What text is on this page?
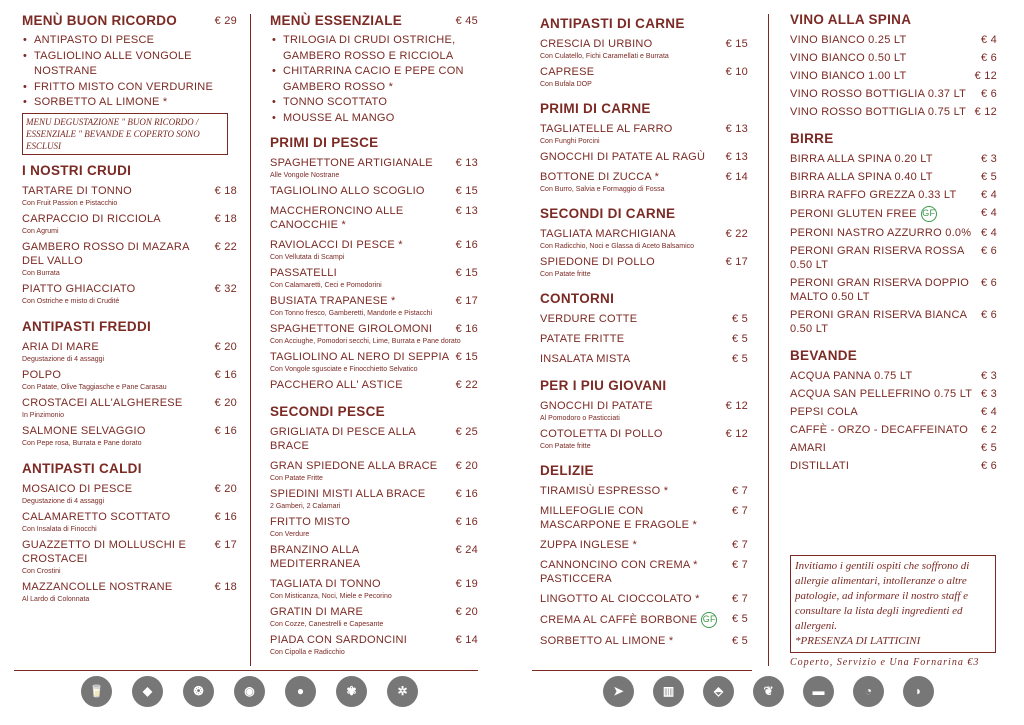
MENÙ BUON RICORDO	€ 29
• ANTIPASTO DI PESCE
• TAGLIOLINO ALLE VONGOLE NOSTRANE
• FRITTO MISTO CON VERDURINE
• SORBETTO AL LIMONE *
MENU DEGUSTAZIONE " BUON RICORDO / ESSENZIALE " BEVANDE E COPERTO SONO ESCLUSI
I NOSTRI CRUDI
TARTARE DI TONNO	€ 18
Con Fruit Passion e Pistacchio
CARPACCIO DI RICCIOLA	€ 18
Con Agrumi
GAMBERO ROSSO DI MAZARA DEL VALLO
€ 22
Con Burrata
PIATTO GHIACCIATO	€ 32
Con Ostriche e misto di Crudité
ANTIPASTI FREDDI
ARIA DI MARE	€ 20
Degustazione di 4 assaggi
POLPO	€ 16
Con Patate, Olive Taggiasche e Pane Carasau
CROSTACEI ALL'ALGHERESE	€ 20
In Pinzimonio
SALMONE SELVAGGIO	€ 16
Con Pepe rosa, Burrata e Pane dorato
ANTIPASTI CALDI
MOSAICO DI PESCE	€ 20
Degustazione di 4 assaggi
CALAMARETTO SCOTTATO	€ 16
Con Insalata di Finocchi
GUAZZETTO DI MOLLUSCHI E CROSTACEI
€ 17
Con Crostini
MAZZANCOLLE NOSTRANE	€ 18
Al Lardo di Colonnata
MENÙ ESSENZIALE	€ 45
• TRILOGIA DI CRUDI OSTRICHE, GAMBERO ROSSO E RICCIOLA
• CHITARRINA CACIO E PEPE CON GAMBERO ROSSO *
• TONNO SCOTTATO
• MOUSSE AL MANGO
PRIMI DI PESCE
SPAGHETTONE ARTIGIANALE	€ 13
Alle Vongole Nostrane
TAGLIOLINO ALLO SCOGLIO	€ 15
MACCHERONCINO ALLE CANOCCHIE *
€ 13
RAVIOLACCI DI PESCE *	€ 16
Con Vellutata di Scampi
PASSATELLI	€ 15
Con Calamaretti, Ceci e Pomodorini
BUSIATA TRAPANESE *	€ 17
Con Tonno fresco, Gamberetti, Mandorle e Pistacchi
SPAGHETTONE GIROLOMONI	€ 16
Con Acciughe, Pomodori secchi, Lime, Burrata e Pane dorato
TAGLIOLINO AL NERO DI SEPPIA € 15
Con Vongole sgusciate e Finocchietto Selvatico
PACCHERO ALL' ASTICE	€ 22
SECONDI PESCE
GRIGLIATA DI PESCE ALLA BRACE
€ 25
GRAN SPIEDONE ALLA BRACE	€ 20
Con Patate Fritte
SPIEDINI MISTI ALLA BRACE	€ 16
2 Gamberi, 2 Calamari
FRITTO MISTO	€ 16
Con Verdure
BRANZINO ALLA MEDITERRANEA
€ 24
TAGLIATA DI TONNO	€ 19
Con Misticanza, Noci, Miele e Pecorino
GRATIN DI MARE	€ 20
Con Cozze, Canestrelli e Capesante
PIADA CON SARDONCINI	€ 14
Con Cipolla e Radicchio
ANTIPASTI DI CARNE
CRESCIA DI URBINO	€ 15
Con Culatello, Fichi Caramellati e Burrata
CAPRESE	€ 10
Con Bufala DOP
PRIMI DI CARNE
TAGLIATELLE AL FARRO	€ 13
Con Funghi Porcini
GNOCCHI DI PATATE AL RAGÙ	€ 13
BOTTONE DI ZUCCA *	€ 14
Con Burro, Salvia e Formaggio di Fossa
SECONDI DI CARNE
TAGLIATA MARCHIGIANA	€ 22
Con Radicchio, Noci e Glassa di Aceto Balsamico
SPIEDONE DI POLLO	€ 17
Con Patate fritte
CONTORNI
VERDURE COTTE	€ 5
PATATE FRITTE	€ 5
INSALATA MISTA	€ 5
PER I PIU GIOVANI
GNOCCHI DI PATATE	€ 12
Al Pomodoro o Pasticciati
COTOLETTA DI POLLO	€ 12
Con Patate fritte
DELIZIE
TIRAMISÙ ESPRESSO *	€ 7
MILLEFOGLIE CON MASCARPONE E FRAGOLE *
€ 7
ZUPPA INGLESE *	€ 7
CANNONCINO CON CREMA * PASTICCERA
€ 7
LINGOTTO AL CIOCCOLATO *	€ 7
CREMA AL CAFFÈ BORBONE GF	€ 5
SORBETTO AL LIMONE *	€ 5
VINO ALLA SPINA
VINO BIANCO 0.25 LT	€ 4
VINO BIANCO 0.50 LT	€ 6
VINO BIANCO 1.00 LT	€ 12
VINO ROSSO BOTTIGLIA 0.37 LT	€ 6
VINO ROSSO BOTTIGLIA 0.75 LT € 12
BIRRE
BIRRA ALLA SPINA 0.20 LT	€ 3
BIRRA ALLA SPINA 0.40 LT	€ 5
BIRRA RAFFO GREZZA 0.33 LT	€ 4
PERONI GLUTEN FREE GF	€ 4
PERONI NASTRO AZZURRO 0.0% € 4
PERONI GRAN RISERVA ROSSA 0.50 LT
€ 6
PERONI GRAN RISERVA DOPPIO MALTO 0.50 LT
€ 6
PERONI GRAN RISERVA BIANCA 0.50 LT
€ 6
BEVANDE
ACQUA PANNA 0.75 LT	€ 3
ACQUA SAN PELLEFRINO 0.75 LT € 3
PEPSI COLA	€ 4
CAFFÈ - ORZO - DECAFFEINATO	€ 2
AMARI	€ 5
DISTILLATI	€ 6
Invitiamo i gentili ospiti che soffrono di allergie alimentari, intolleranze o altre patologie, ad informare il nostro staff e consultare la lista degli ingredienti ed allergeni.
*PRESENZA DI LATTICINI
Coperto, Servizio e Una Fornarina €3
🥛	◆	❂	◉	●	✾	✲	➤	▥	⬘	❦	▬	◔	◗
